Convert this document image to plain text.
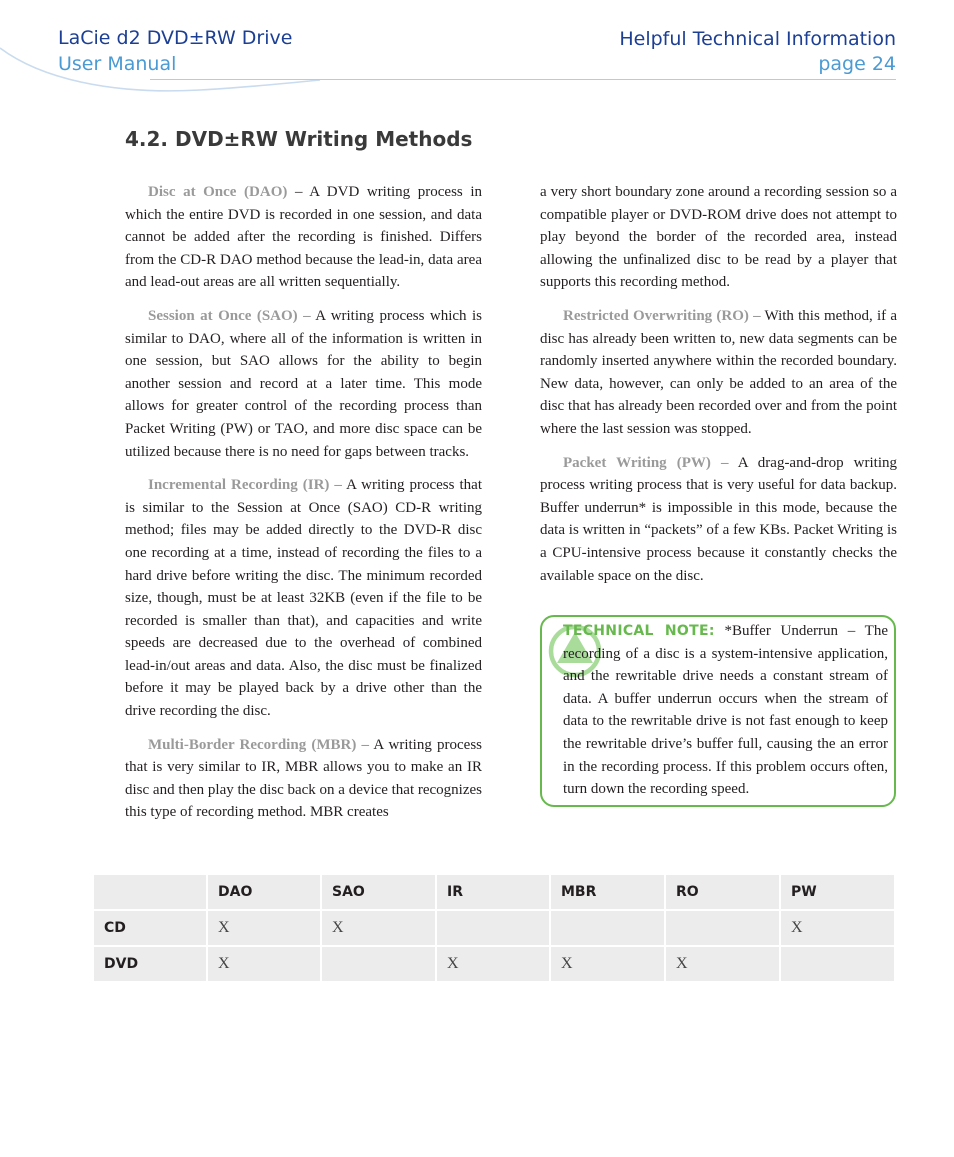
LaCie d2 DVD±RW Drive
User Manual
Helpful Technical Information
page 24
4.2. DVD±RW Writing Methods

Disc at Once (DAO) – A DVD writing process in which the entire DVD is recorded in one session, and data cannot be added after the recording is finished. Differs from the CD-R DAO method because the lead-in, data area and lead-out areas are all written sequentially.

Session at Once (SAO) – A writing process which is similar to DAO, where all of the information is written in one session, but SAO allows for the ability to begin another session and record at a later time. This mode allows for greater control of the recording process than Packet Writing (PW) or TAO, and more disc space can be utilized because there is no need for gaps between tracks.

Incremental Recording (IR) – A writing process that is similar to the Session at Once (SAO) CD-R writing method; files may be added directly to the DVD-R disc one recording at a time, instead of recording the files to a hard drive before writing the disc. The minimum recorded size, though, must be at least 32KB (even if the file to be recorded is smaller than that), and capacities and write speeds are decreased due to the overhead of combined lead-in/out areas and data. Also, the disc must be finalized before it may be played back by a drive other than the drive recording the disc.

Multi-Border Recording (MBR) – A writing process that is very similar to IR, MBR allows you to make an IR disc and then play the disc back on a device that recognizes this type of recording method. MBR creates

a very short boundary zone around a recording session so a compatible player or DVD-ROM drive does not attempt to play beyond the border of the recorded area, instead allowing the unfinalized disc to be read by a player that supports this recording method.

Restricted Overwriting (RO) – With this method, if a disc has already been written to, new data segments can be randomly inserted anywhere within the recorded boundary. New data, however, can only be added to an area of the disc that has already been recorded over and from the point where the last session was stopped.

Packet Writing (PW) – A drag-and-drop writing process writing process that is very useful for data backup. Buffer underrun* is impossible in this mode, because the data is written in “packets” of a few KBs. Packet Writing is a CPU-intensive process because it constantly checks the available space on the disc.

TECHNICAL NOTE: *Buffer Underrun – The recording of a disc is a system-intensive application, and the rewritable drive needs a constant stream of data. A buffer underrun occurs when the stream of data to the rewritable drive is not fast enough to keep the rewritable drive’s buffer full, causing the an error in the recording process. If this problem occurs often, turn down the recording speed.

	DAO	SAO	IR	MBR	RO	PW
CD	X	X				X
DVD	X		X	X	X	
